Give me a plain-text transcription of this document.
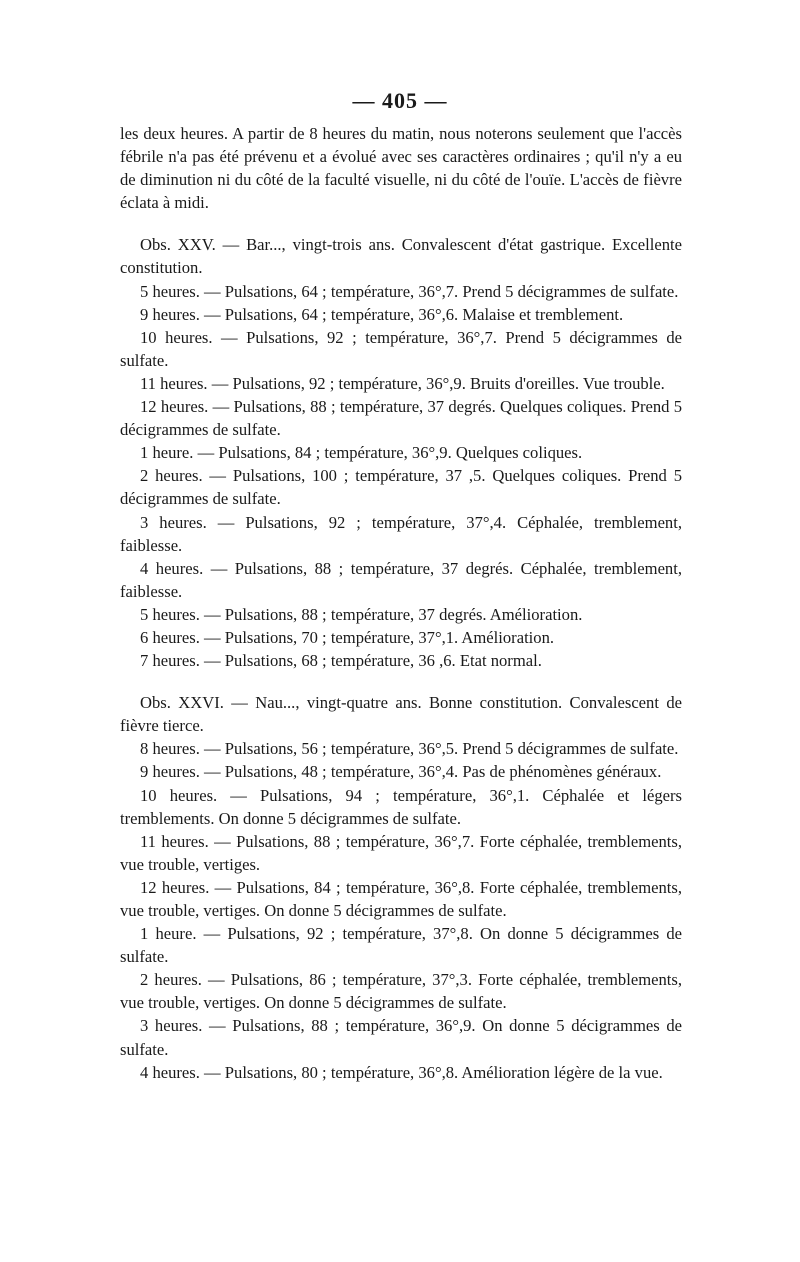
— 405 —

les deux heures. A partir de 8 heures du matin, nous noterons seulement que l'accès fébrile n'a pas été prévenu et a évolué avec ses caractères ordinaires ; qu'il n'y a eu de diminution ni du côté de la faculté visuelle, ni du côté de l'ouïe. L'accès de fièvre éclata à midi.

Obs. XXV. — Bar..., vingt-trois ans. Convalescent d'état gastrique. Excellente constitution.

5 heures. — Pulsations, 64 ; température, 36°,7. Prend 5 décigrammes de sulfate.

9 heures. — Pulsations, 64 ; température, 36°,6. Malaise et tremblement.

10 heures. — Pulsations, 92 ; température, 36°,7. Prend 5 décigrammes de sulfate.

11 heures. — Pulsations, 92 ; température, 36°,9. Bruits d'oreilles. Vue trouble.

12 heures. — Pulsations, 88 ; température, 37 degrés. Quelques coliques. Prend 5 décigrammes de sulfate.

1 heure. — Pulsations, 84 ; température, 36°,9. Quelques coliques.

2 heures. — Pulsations, 100 ; température, 37 ,5. Quelques coliques. Prend 5 décigrammes de sulfate.

3 heures. — Pulsations, 92 ; température, 37°,4. Céphalée, tremblement, faiblesse.

4 heures. — Pulsations, 88 ; température, 37 degrés. Céphalée, tremblement, faiblesse.

5 heures. — Pulsations, 88 ; température, 37 degrés. Amélioration.

6 heures. — Pulsations, 70 ; température, 37°,1. Amélioration.

7 heures. — Pulsations, 68 ; température, 36 ,6. Etat normal.

Obs. XXVI. — Nau..., vingt-quatre ans. Bonne constitution. Convalescent de fièvre tierce.

8 heures. — Pulsations, 56 ; température, 36°,5. Prend 5 décigrammes de sulfate.

9 heures. — Pulsations, 48 ; température, 36°,4. Pas de phénomènes généraux.

10 heures. — Pulsations, 94 ; température, 36°,1. Céphalée et légers tremblements. On donne 5 décigrammes de sulfate.

11 heures. — Pulsations, 88 ; température, 36°,7. Forte céphalée, tremblements, vue trouble, vertiges.

12 heures. — Pulsations, 84 ; température, 36°,8. Forte céphalée, tremblements, vue trouble, vertiges. On donne 5 décigrammes de sulfate.

1 heure. — Pulsations, 92 ; température, 37°,8. On donne 5 décigrammes de sulfate.

2 heures. — Pulsations, 86 ; température, 37°,3. Forte céphalée, tremblements, vue trouble, vertiges. On donne 5 décigrammes de sulfate.

3 heures. — Pulsations, 88 ; température, 36°,9. On donne 5 décigrammes de sulfate.

4 heures. — Pulsations, 80 ; température, 36°,8. Amélioration légère de la vue.
